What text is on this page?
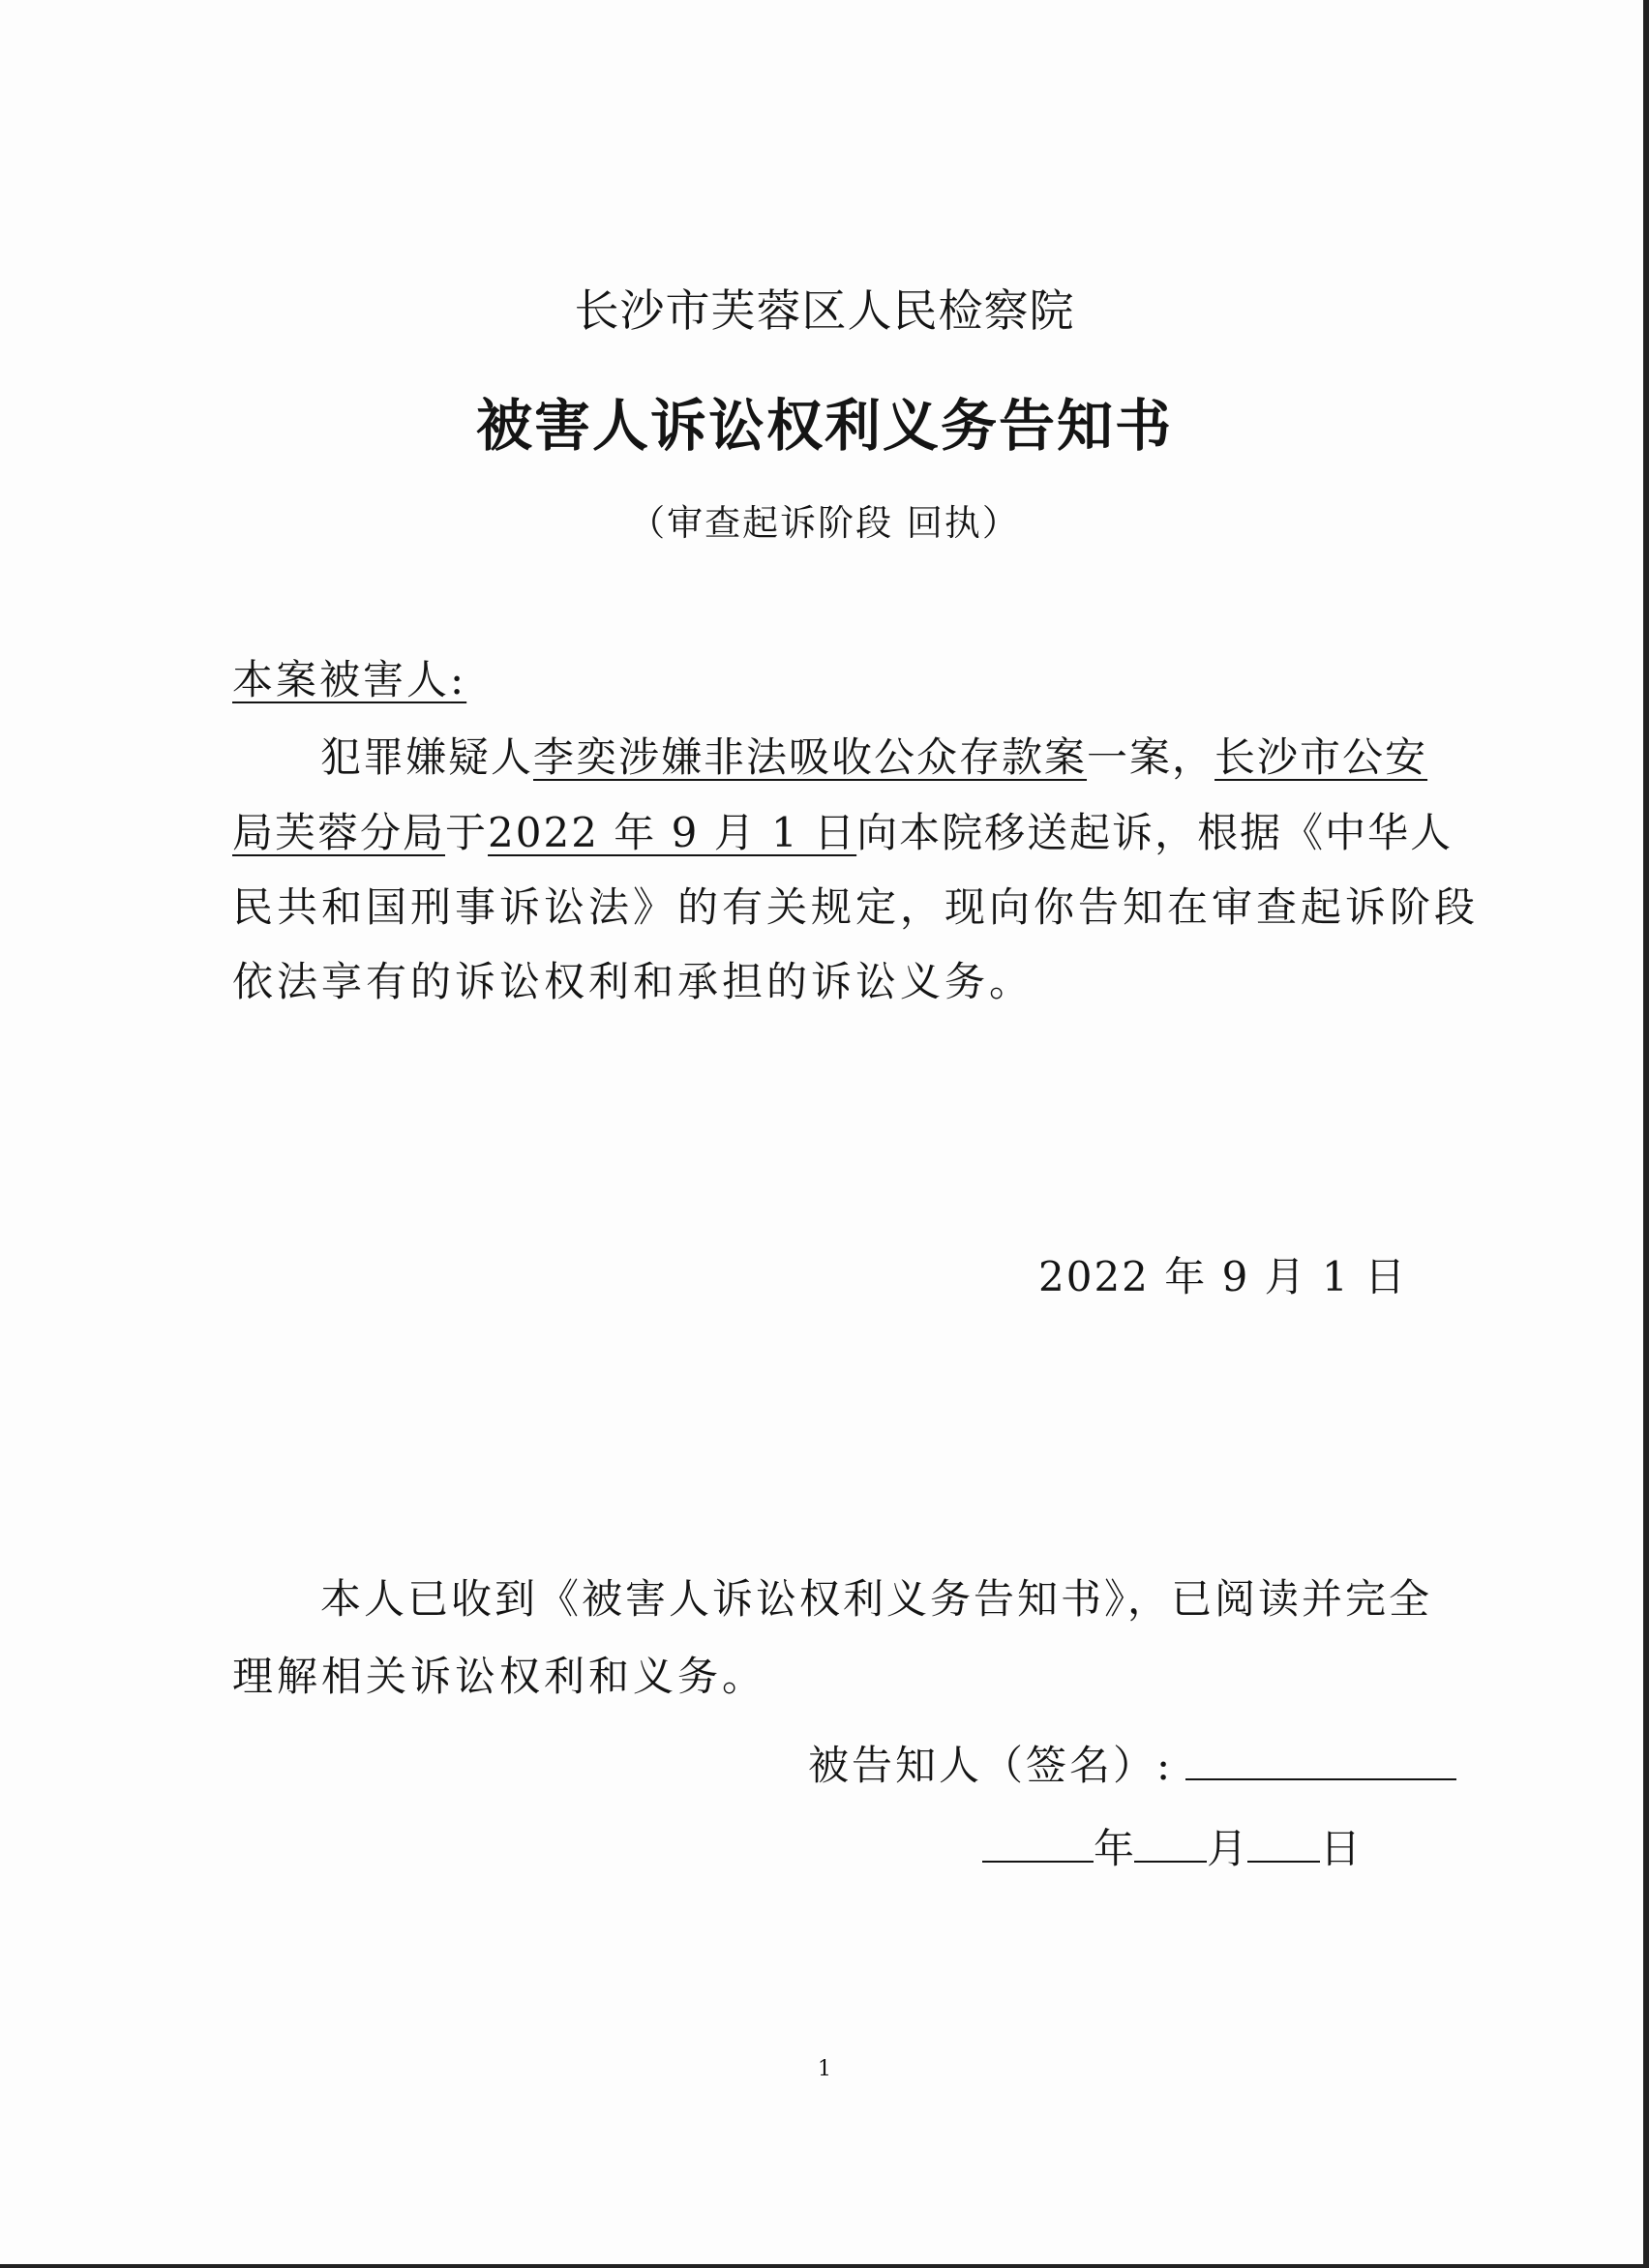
长沙市芙蓉区人民检察院
被害人诉讼权利义务告知书
（审查起诉阶段 回执）
本案被害人:
犯罪嫌疑人李奕涉嫌非法吸收公众存款案一案，长沙市公安
局芙蓉分局于2022 年 9 月 1 日向本院移送起诉，根据《中华人
民共和国刑事诉讼法》的有关规定，现向你告知在审查起诉阶段
依法享有的诉讼权利和承担的诉讼义务。
2022 年 9 月 1 日
本人已收到《被害人诉讼权利义务告知书》，已阅读并完全
理解相关诉讼权利和义务。
被告知人（签名）:
年 月 日
1
